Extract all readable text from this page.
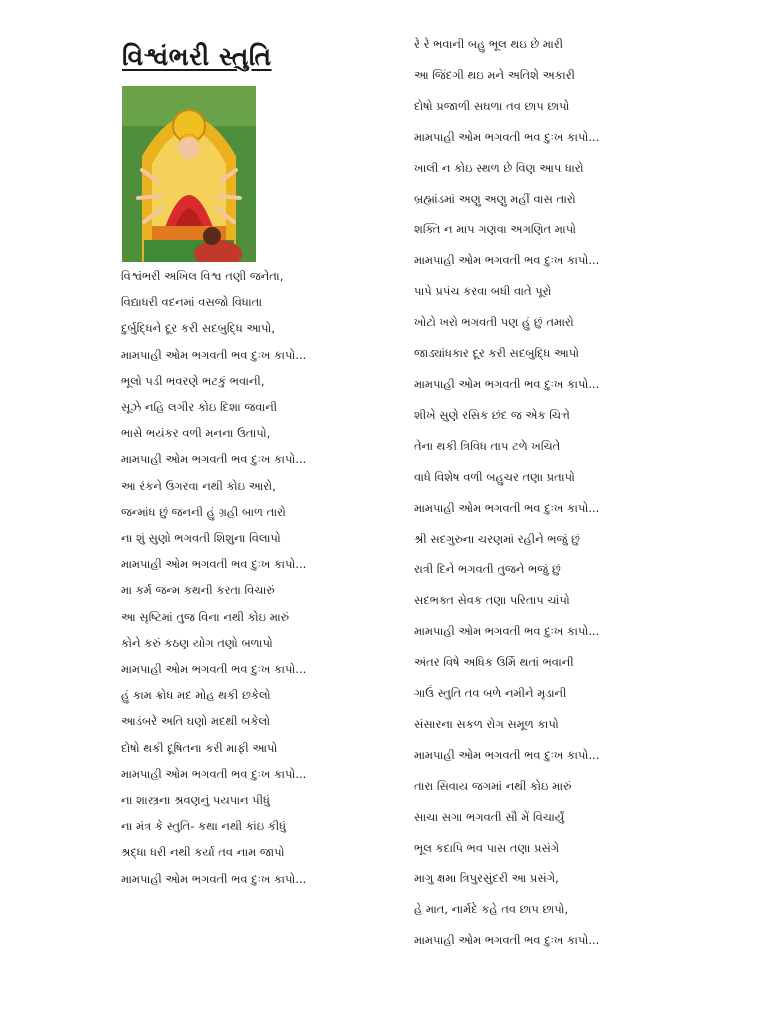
વિશ્વંભરી સ્તુતિ
વિશ્વંભરી અખિલ વિશ્વ તણી જનેતા,
વિદ્યાધરી વદનમાં વસજો વિધાતા
દુર્બુદ્ધિને દૂર કરી સદબુદ્ધિ આપો,
મામપાહી ઓમ ભગવતી ભવ દુઃખ કાપો...
ભૂલો પડી ભવરણે ભટકું ભવાની,
સૂઝે નહિ લગીર કોઇ દિશા જવાની
ભાસે ભયંકર વળી મનના ઉતાપો,
મામપાહી ઓમ ભગવતી ભવ દુઃખ કાપો...
આ રંકને ઉગરવા નથી કોઇ આરો,
જન્માંધ છું જનની હું ગ્રહી બાળ તારો
ના શું સુણો ભગવતી શિશુના વિલાપો
મામપાહી ઓમ ભગવતી ભવ દુઃખ કાપો...
મા કર્મ જન્મ કથની કરતા વિચારું
આ સૃષ્ટિમાં તુજ વિના નથી કોઇ મારું
કોને કરું કઠણ યોગ તણો બળાપો
મામપાહી ઓમ ભગવતી ભવ દુઃખ કાપો...
હું કામ ક્રોધ મદ મોહ થકી છકેલો
આડંબરે અતિ ઘણો મદથી બકેલો
દોષો થકી દૂષિતના કરી માફી આપો
મામપાહી ઓમ ભગવતી ભવ દુઃખ કાપો...
ના શાસ્ત્રના શ્રવણનું પયપાન પીધું
ના મંત્ર કે સ્તુતિ- કથા નથી કાંઇ કીધું
શ્રદ્ધા ધરી નથી કર્યા તવ નામ જાપો
મામપાહી ઓમ ભગવતી ભવ દુઃખ કાપો...
રે રે ભવાની બહુ ભૂલ થઇ છે મારી
આ જિંદગી થઇ મને અતિશે અકારી
દોષો પ્રજાળી સઘળા તવ છાપ છાપો
મામપાહી ઓમ ભગવતી ભવ દુઃખ કાપો...
ખાલી ન કોઇ સ્થળ છે વિણ આપ ધારો
બ્રહ્માંડમાં અણુ અણુ મહીં વાસ તારો
શક્તિ ન માપ ગણવા અગણિત માપો
મામપાહી ઓમ ભગવતી ભવ દુઃખ કાપો...
પાપે પ્રપંચ કરવા બધી વાતે પૂરો
ખોટો ખરો ભગવતી પણ હું છું તમારો
જાડ્યાંધકાર દૂર કરી સદબુદ્ધિ આપો
મામપાહી ઓમ ભગવતી ભવ દુઃખ કાપો...
શીખે સુણે રસિક છંદ જ એક ચિત્તે
તેના થકી ત્રિવિધ તાપ ટળે ખચિતે
વાધે વિશેષ વળી બહુચર તણા પ્રતાપો
મામપાહી ઓમ ભગવતી ભવ દુઃખ કાપો...
શ્રી સદગુરુના ચરણમાં રહીને ભજું છું
રાત્રી દિને ભગવતી તુજને ભજું છું
સદભક્ત સેવક તણા પરિતાપ ચાંપો
મામપાહી ઓમ ભગવતી ભવ દુઃખ કાપો...
અંતર વિષે અધિક ઉર્મિ થતાં ભવાની
ગાઉં સ્તુતિ તવ બળે નમીને મૃડાની
સંસારના સકળ રોગ સમૂળ કાપો
મામપાહી ઓમ ભગવતી ભવ દુઃખ કાપો...
તારા સિવાય જગમાં નથી કોઇ મારું
સાચા સગા ભગવતી સૌ મેં વિચાર્યું
ભૂલ કદાપિ ભવ પાસ તણા પ્રસંગે
માગુ ક્ષમા ત્રિપુરસુંદરી આ પ્રસંગે,
હે માત, નાર્મદે કહે તવ છાપ છાપો,
મામપાહી ઓમ ભગવતી ભવ દુઃખ કાપો...
